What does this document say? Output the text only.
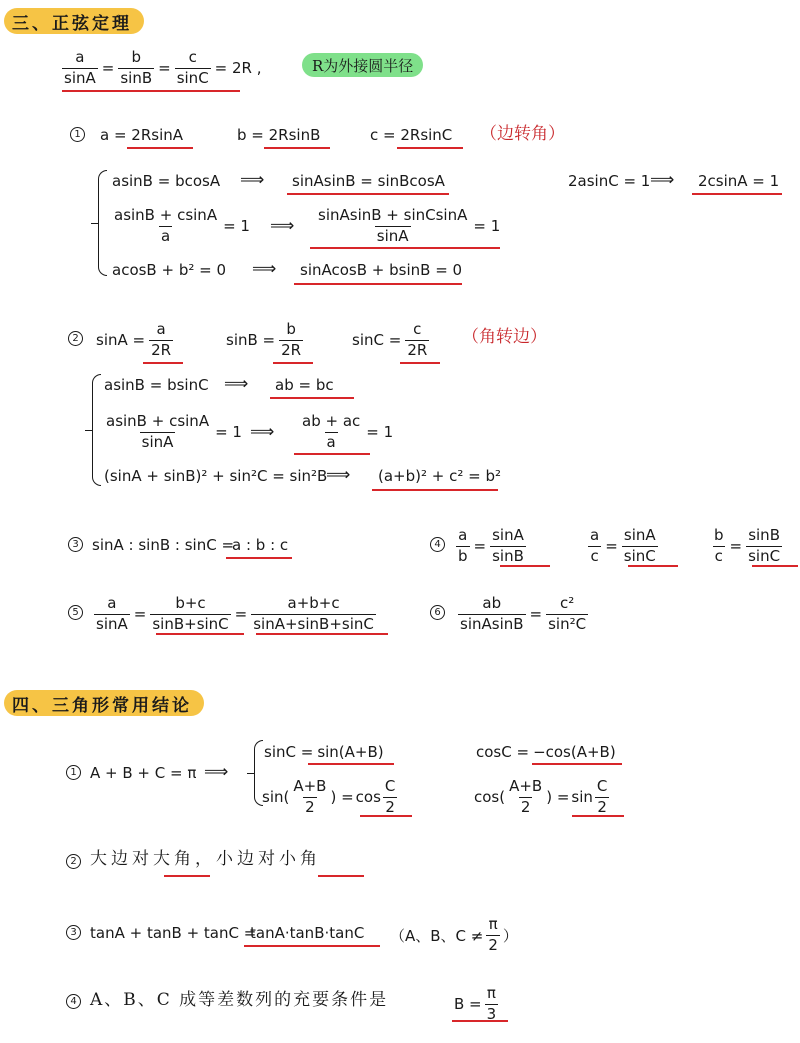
三、正弦定理
$\frac{a}{\sin A} = \frac{b}{\sin B} = \frac{c}{\sin C} = 2R$ ,	R为外接圆半径
1 a = 2RsinA	b = 2RsinB	c = 2RsinC （边转角）
asinB = bcosA ⟹ sinAsinB = sinBcosA	2asinC = 1 ⟹ 2csinA = 1
$\frac{asinB + csinA}{a} = 1$ ⟹ $\frac{\text{sinAsinB + sinCsinA}}{\sin A} = 1$
acosB + b² = 0 ⟹ sinAcosB + bsinB = 0
2 $\sin A = \frac{a}{2R}$	$\sin B = \frac{b}{2R}$	$\sin C = \frac{c}{2R}$ （角转边）
asinB = bsinC ⟹ ab = bc
$\frac{asinB + csinA}{\sin A} = 1$ ⟹ $\frac{ab + ac}{a} = 1$
(sinA + sinB)² + sin²C = sin²B
⟹ (a+b)² + c² = b²
3 sinA : sinB : sinC =
a : b : c	$4 \frac{a}{b} = \frac{\sin A}{\sin B}$	$\frac{a}{c} = \frac{\sin A}{\sin C}$	$\frac{b}{c} = \frac{\sin B}{\sin C}$
$5 \frac{a}{\sin A} = \frac{b+c}{\sin B+\sin C} = \frac{a+b+c}{\sin A+\sin B+\sin C}$	$6 \frac{ab}{\text{sinAsinB}} = \frac{\text{c²}}{\text{sin²C}}$
四、三角形常用结论
1 A + B + C = π ⟹
sinC = sin(A+B)	cosC = −cos(A+B)
$\sin( \frac{A+B}{2}$ ) = $\cos \frac{C}{2}$	$\cos( \frac{A+B}{2}$ ) = $\sin \frac{C}{2}$
2 大边对大角，小边对小角
3 tanA + tanB + tanC =
tanA·tanB·tanC （A、B、$C \ne \frac{\pi}{2}$ ）
4 A、B、C 成等差数列的充要条件是	$B = \frac{\pi}{3}$
